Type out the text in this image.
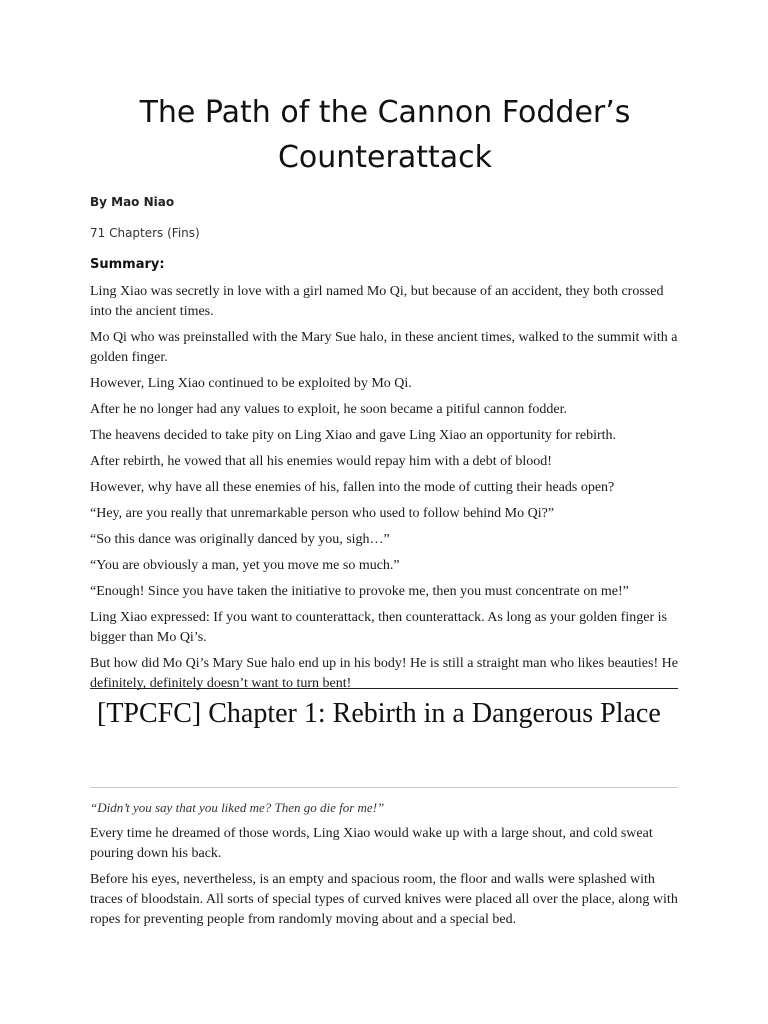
The Path of the Cannon Fodder’s Counterattack
By Mao Niao
71 Chapters (Fins)
Summary:

Ling Xiao was secretly in love with a girl named Mo Qi, but because of an accident, they both crossed into the ancient times.

Mo Qi who was preinstalled with the Mary Sue halo, in these ancient times, walked to the summit with a golden finger.

However, Ling Xiao continued to be exploited by Mo Qi.

After he no longer had any values to exploit, he soon became a pitiful cannon fodder.

The heavens decided to take pity on Ling Xiao and gave Ling Xiao an opportunity for rebirth.

After rebirth, he vowed that all his enemies would repay him with a debt of blood!

However, why have all these enemies of his, fallen into the mode of cutting their heads open?

“Hey, are you really that unremarkable person who used to follow behind Mo Qi?”

“So this dance was originally danced by you, sigh…”

“You are obviously a man, yet you move me so much.”

“Enough! Since you have taken the initiative to provoke me, then you must concentrate on me!”

Ling Xiao expressed: If you want to counterattack, then counterattack. As long as your golden finger is bigger than Mo Qi’s.

But how did Mo Qi’s Mary Sue halo end up in his body! He is still a straight man who likes beauties! He definitely, definitely doesn’t want to turn bent!

[TPCFC] Chapter 1: Rebirth in a Dangerous Place

“Didn’t you say that you liked me? Then go die for me!”

Every time he dreamed of those words, Ling Xiao would wake up with a large shout, and cold sweat pouring down his back.

Before his eyes, nevertheless, is an empty and spacious room, the floor and walls were splashed with traces of bloodstain. All sorts of special types of curved knives were placed all over the place, along with ropes for preventing people from randomly moving about and a special bed.
